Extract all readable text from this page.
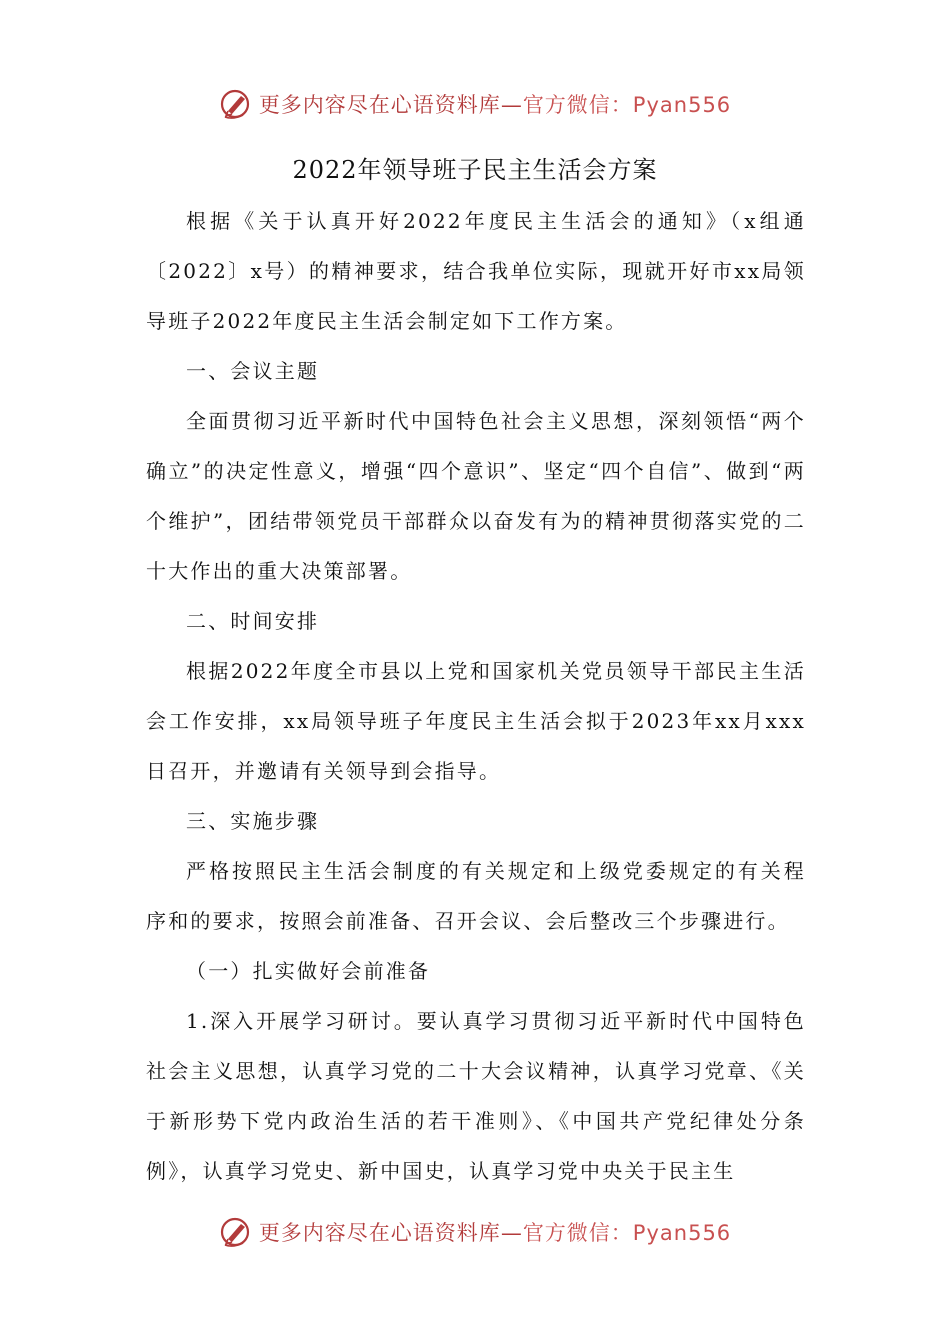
更多内容尽在心语资料库—官方微信：Pyan556
2022年领导班子民主生活会方案

根据《关于认真开好2022年度民主生活会的通知》（x组通〔2022〕x号）的精神要求，结合我单位实际，现就开好市xx局领导班子2022年度民主生活会制定如下工作方案。

一、会议主题

全面贯彻习近平新时代中国特色社会主义思想，深刻领悟“两个确立”的决定性意义，增强“四个意识”、坚定“四个自信”、做到“两个维护”，团结带领党员干部群众以奋发有为的精神贯彻落实党的二十大作出的重大决策部署。

二、时间安排

根据2022年度全市县以上党和国家机关党员领导干部民主生活会工作安排，xx局领导班子年度民主生活会拟于2023年xx月xxx日召开，并邀请有关领导到会指导。

三、实施步骤

严格按照民主生活会制度的有关规定和上级党委规定的有关程序和的要求，按照会前准备、召开会议、会后整改三个步骤进行。

（一）扎实做好会前准备

1.深入开展学习研讨。要认真学习贯彻习近平新时代中国特色社会主义思想，认真学习党的二十大会议精神，认真学习党章、《关于新形势下党内政治生活的若干准则》、《中国共产党纪律处分条例》，认真学习党史、新中国史，认真学习党中央关于民主生

更多内容尽在心语资料库—官方微信：Pyan556
